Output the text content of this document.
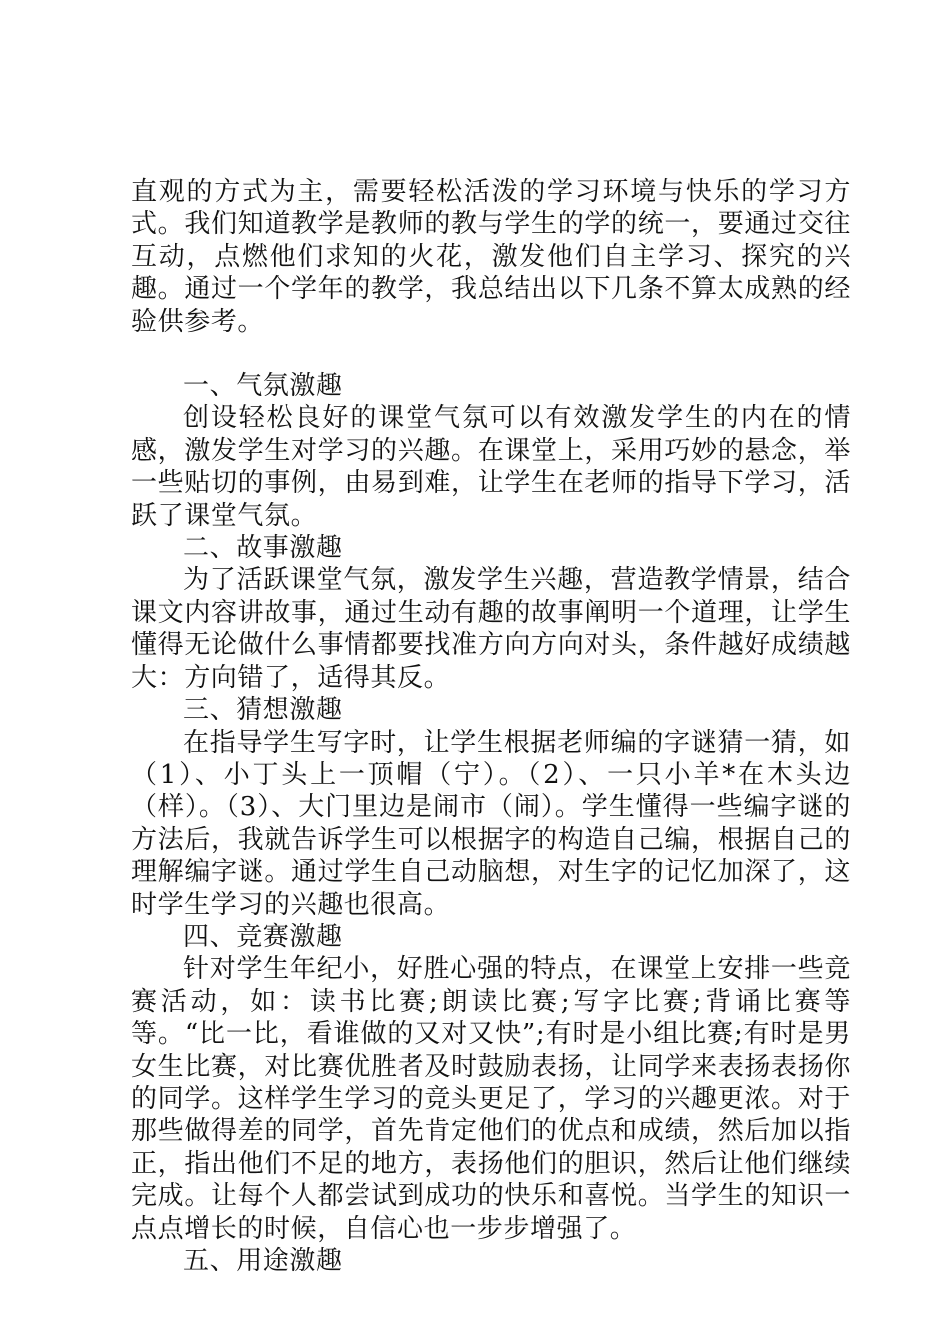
直观的方式为主，需要轻松活泼的学习环境与快乐的学习方式。我们知道教学是教师的教与学生的学的统一，要通过交往互动，点燃他们求知的火花，激发他们自主学习、探究的兴趣。通过一个学年的教学，我总结出以下几条不算太成熟的经验供参考。

一、气氛激趣

创设轻松良好的课堂气氛可以有效激发学生的内在的情感，激发学生对学习的兴趣。在课堂上，采用巧妙的悬念，举一些贴切的事例，由易到难，让学生在老师的指导下学习，活跃了课堂气氛。

二、故事激趣

为了活跃课堂气氛，激发学生兴趣，营造教学情景，结合课文内容讲故事，通过生动有趣的故事阐明一个道理，让学生懂得无论做什么事情都要找准方向方向对头，条件越好成绩越大：方向错了，适得其反。

三、猜想激趣

在指导学生写字时，让学生根据老师编的字谜猜一猜，如（1）、小丁头上一顶帽（宁）。（2）、一只小羊*在木头边（样）。（3）、大门里边是闹市（闹）。学生懂得一些编字谜的方法后，我就告诉学生可以根据字的构造自己编，根据自己的理解编字谜。通过学生自己动脑想，对生字的记忆加深了，这时学生学习的兴趣也很高。

四、竞赛激趣

针对学生年纪小，好胜心强的特点，在课堂上安排一些竞赛活动，如：读书比赛;朗读比赛;写字比赛;背诵比赛等等。“比一比，看谁做的又对又快”;有时是小组比赛;有时是男女生比赛，对比赛优胜者及时鼓励表扬，让同学来表扬表扬你的同学。这样学生学习的竞头更足了，学习的兴趣更浓。对于那些做得差的同学，首先肯定他们的优点和成绩，然后加以指正，指出他们不足的地方，表扬他们的胆识，然后让他们继续完成。让每个人都尝试到成功的快乐和喜悦。当学生的知识一点点增长的时候，自信心也一步步增强了。

五、用途激趣
